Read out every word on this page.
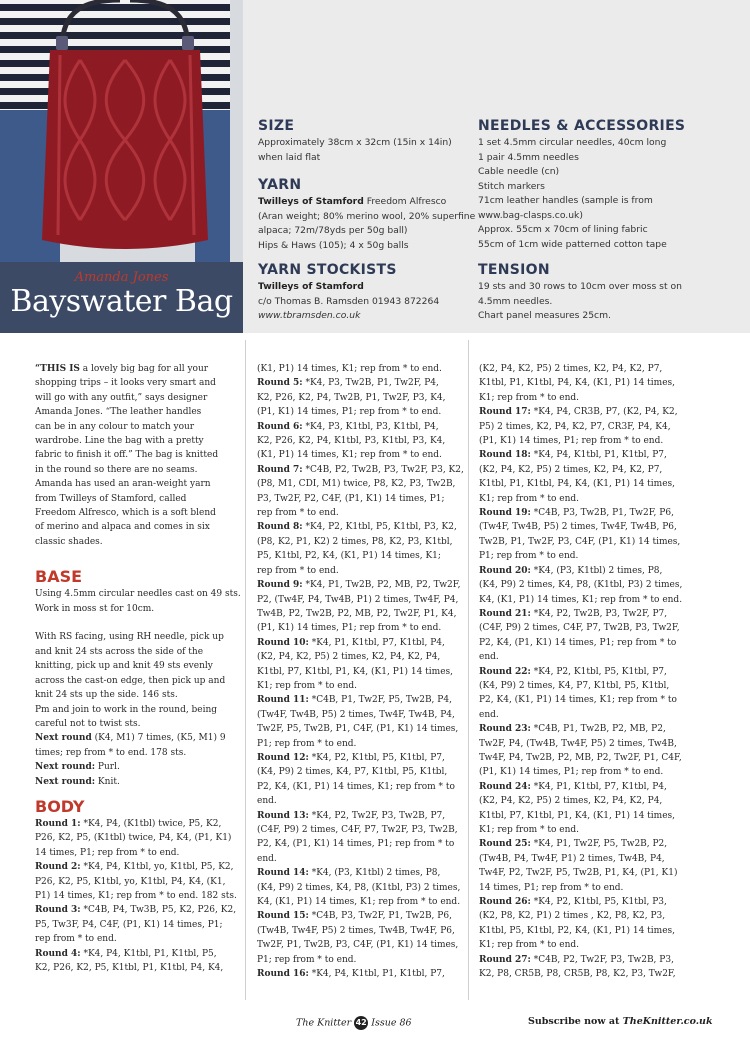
Amanda Jones
Bayswater Bag
SIZE
Approximately 38cm x 32cm (15in x 14in)
when laid flat
YARN
Twilleys of Stamford Freedom Alfresco
(Aran weight; 80% merino wool, 20% superfine
alpaca; 72m/78yds per 50g ball)
Hips & Haws (105); 4 x 50g balls
YARN STOCKISTS
Twilleys of Stamford
c/o Thomas B. Ramsden 01943 872264
www.tbramsden.co.uk
NEEDLES & ACCESSORIES
1 set 4.5mm circular needles, 40cm long
1 pair 4.5mm needles
Cable needle (cn)
Stitch markers
71cm leather handles (sample is from
www.bag-clasps.co.uk)
Approx. 55cm x 70cm of lining fabric
55cm of 1cm wide patterned cotton tape
TENSION
19 sts and 30 rows to 10cm over moss st on
4.5mm needles.
Chart panel measures 25cm.
“THIS IS a lovely big bag for all your
shopping trips – it looks very smart and
will go with any outfit,” says designer
Amanda Jones. “The leather handles
can be in any colour to match your
wardrobe. Line the bag with a pretty
fabric to finish it off.” The bag is knitted
in the round so there are no seams.
Amanda has used an aran-weight yarn
from Twilleys of Stamford, called
Freedom Alfresco, which is a soft blend
of merino and alpaca and comes in six
classic shades.
BASE
Using 4.5mm circular needles cast on 49 sts.
Work in moss st for 10cm.
With RS facing, using RH needle, pick up
and knit 24 sts across the side of the
knitting, pick up and knit 49 sts evenly
across the cast-on edge, then pick up and
knit 24 sts up the side. 146 sts.
Pm and join to work in the round, being
careful not to twist sts.
Next round (K4, M1) 7 times, (K5, M1) 9
times; rep from * to end. 178 sts.
Next round: Purl.
Next round: Knit.
BODY
Round 1: *K4, P4, (K1tbl) twice, P5, K2,
P26, K2, P5, (K1tbl) twice, P4, K4, (P1, K1)
14 times, P1; rep from * to end.
Round 2: *K4, P4, K1tbl, yo, K1tbl, P5, K2,
P26, K2, P5, K1tbl, yo, K1tbl, P4, K4, (K1,
P1) 14 times, K1; rep from * to end. 182 sts.
Round 3: *C4B, P4, Tw3B, P5, K2, P26, K2,
P5, Tw3F, P4, C4F, (P1, K1) 14 times, P1;
rep from * to end.
Round 4: *K4, P4, K1tbl, P1, K1tbl, P5,
K2, P26, K2, P5, K1tbl, P1, K1tbl, P4, K4,
(K1, P1) 14 times, K1; rep from * to end.
Round 5: *K4, P3, Tw2B, P1, Tw2F, P4,
K2, P26, K2, P4, Tw2B, P1, Tw2F, P3, K4,
(P1, K1) 14 times, P1; rep from * to end.
Round 6: *K4, P3, K1tbl, P3, K1tbl, P4,
K2, P26, K2, P4, K1tbl, P3, K1tbl, P3, K4,
(K1, P1) 14 times, K1; rep from * to end.
Round 7: *C4B, P2, Tw2B, P3, Tw2F, P3, K2,
(P8, M1, CDI, M1) twice, P8, K2, P3, Tw2B,
P3, Tw2F, P2, C4F, (P1, K1) 14 times, P1;
rep from * to end.
Round 8: *K4, P2, K1tbl, P5, K1tbl, P3, K2,
(P8, K2, P1, K2) 2 times, P8, K2, P3, K1tbl,
P5, K1tbl, P2, K4, (K1, P1) 14 times, K1;
rep from * to end.
Round 9: *K4, P1, Tw2B, P2, MB, P2, Tw2F,
P2, (Tw4F, P4, Tw4B, P1) 2 times, Tw4F, P4,
Tw4B, P2, Tw2B, P2, MB, P2, Tw2F, P1, K4,
(P1, K1) 14 times, P1; rep from * to end.
Round 10: *K4, P1, K1tbl, P7, K1tbl, P4,
(K2, P4, K2, P5) 2 times, K2, P4, K2, P4,
K1tbl, P7, K1tbl, P1, K4, (K1, P1) 14 times,
K1; rep from * to end.
Round 11: *C4B, P1, Tw2F, P5, Tw2B, P4,
(Tw4F, Tw4B, P5) 2 times, Tw4F, Tw4B, P4,
Tw2F, P5, Tw2B, P1, C4F, (P1, K1) 14 times,
P1; rep from * to end.
Round 12: *K4, P2, K1tbl, P5, K1tbl, P7,
(K4, P9) 2 times, K4, P7, K1tbl, P5, K1tbl,
P2, K4, (K1, P1) 14 times, K1; rep from * to
end.
Round 13: *K4, P2, Tw2F, P3, Tw2B, P7,
(C4F, P9) 2 times, C4F, P7, Tw2F, P3, Tw2B,
P2, K4, (P1, K1) 14 times, P1; rep from * to
end.
Round 14: *K4, (P3, K1tbl) 2 times, P8,
(K4, P9) 2 times, K4, P8, (K1tbl, P3) 2 times,
K4, (K1, P1) 14 times, K1; rep from * to end.
Round 15: *C4B, P3, Tw2F, P1, Tw2B, P6,
(Tw4B, Tw4F, P5) 2 times, Tw4B, Tw4F, P6,
Tw2F, P1, Tw2B, P3, C4F, (P1, K1) 14 times,
P1; rep from * to end.
Round 16: *K4, P4, K1tbl, P1, K1tbl, P7,
(K2, P4, K2, P5) 2 times, K2, P4, K2, P7,
K1tbl, P1, K1tbl, P4, K4, (K1, P1) 14 times,
K1; rep from * to end.
Round 17: *K4, P4, CR3B, P7, (K2, P4, K2,
P5) 2 times, K2, P4, K2, P7, CR3F, P4, K4,
(P1, K1) 14 times, P1; rep from * to end.
Round 18: *K4, P4, K1tbl, P1, K1tbl, P7,
(K2, P4, K2, P5) 2 times, K2, P4, K2, P7,
K1tbl, P1, K1tbl, P4, K4, (K1, P1) 14 times,
K1; rep from * to end.
Round 19: *C4B, P3, Tw2B, P1, Tw2F, P6,
(Tw4F, Tw4B, P5) 2 times, Tw4F, Tw4B, P6,
Tw2B, P1, Tw2F, P3, C4F, (P1, K1) 14 times,
P1; rep from * to end.
Round 20: *K4, (P3, K1tbl) 2 times, P8,
(K4, P9) 2 times, K4, P8, (K1tbl, P3) 2 times,
K4, (K1, P1) 14 times, K1; rep from * to end.
Round 21: *K4, P2, Tw2B, P3, Tw2F, P7,
(C4F, P9) 2 times, C4F, P7, Tw2B, P3, Tw2F,
P2, K4, (P1, K1) 14 times, P1; rep from * to
end.
Round 22: *K4, P2, K1tbl, P5, K1tbl, P7,
(K4, P9) 2 times, K4, P7, K1tbl, P5, K1tbl,
P2, K4, (K1, P1) 14 times, K1; rep from * to
end.
Round 23: *C4B, P1, Tw2B, P2, MB, P2,
Tw2F, P4, (Tw4B, Tw4F, P5) 2 times, Tw4B,
Tw4F, P4, Tw2B, P2, MB, P2, Tw2F, P1, C4F,
(P1, K1) 14 times, P1; rep from * to end.
Round 24: *K4, P1, K1tbl, P7, K1tbl, P4,
(K2, P4, K2, P5) 2 times, K2, P4, K2, P4,
K1tbl, P7, K1tbl, P1, K4, (K1, P1) 14 times,
K1; rep from * to end.
Round 25: *K4, P1, Tw2F, P5, Tw2B, P2,
(Tw4B, P4, Tw4F, P1) 2 times, Tw4B, P4,
Tw4F, P2, Tw2F, P5, Tw2B, P1, K4, (P1, K1)
14 times, P1; rep from * to end.
Round 26: *K4, P2, K1tbl, P5, K1tbl, P3,
(K2, P8, K2, P1) 2 times , K2, P8, K2, P3,
K1tbl, P5, K1tbl, P2, K4, (K1, P1) 14 times,
K1; rep from * to end.
Round 27: *C4B, P2, Tw2F, P3, Tw2B, P3,
K2, P8, CR5B, P8, CR5B, P8, K2, P3, Tw2F,
The Knitter 42 Issue 86	Subscribe now at TheKnitter.co.uk
